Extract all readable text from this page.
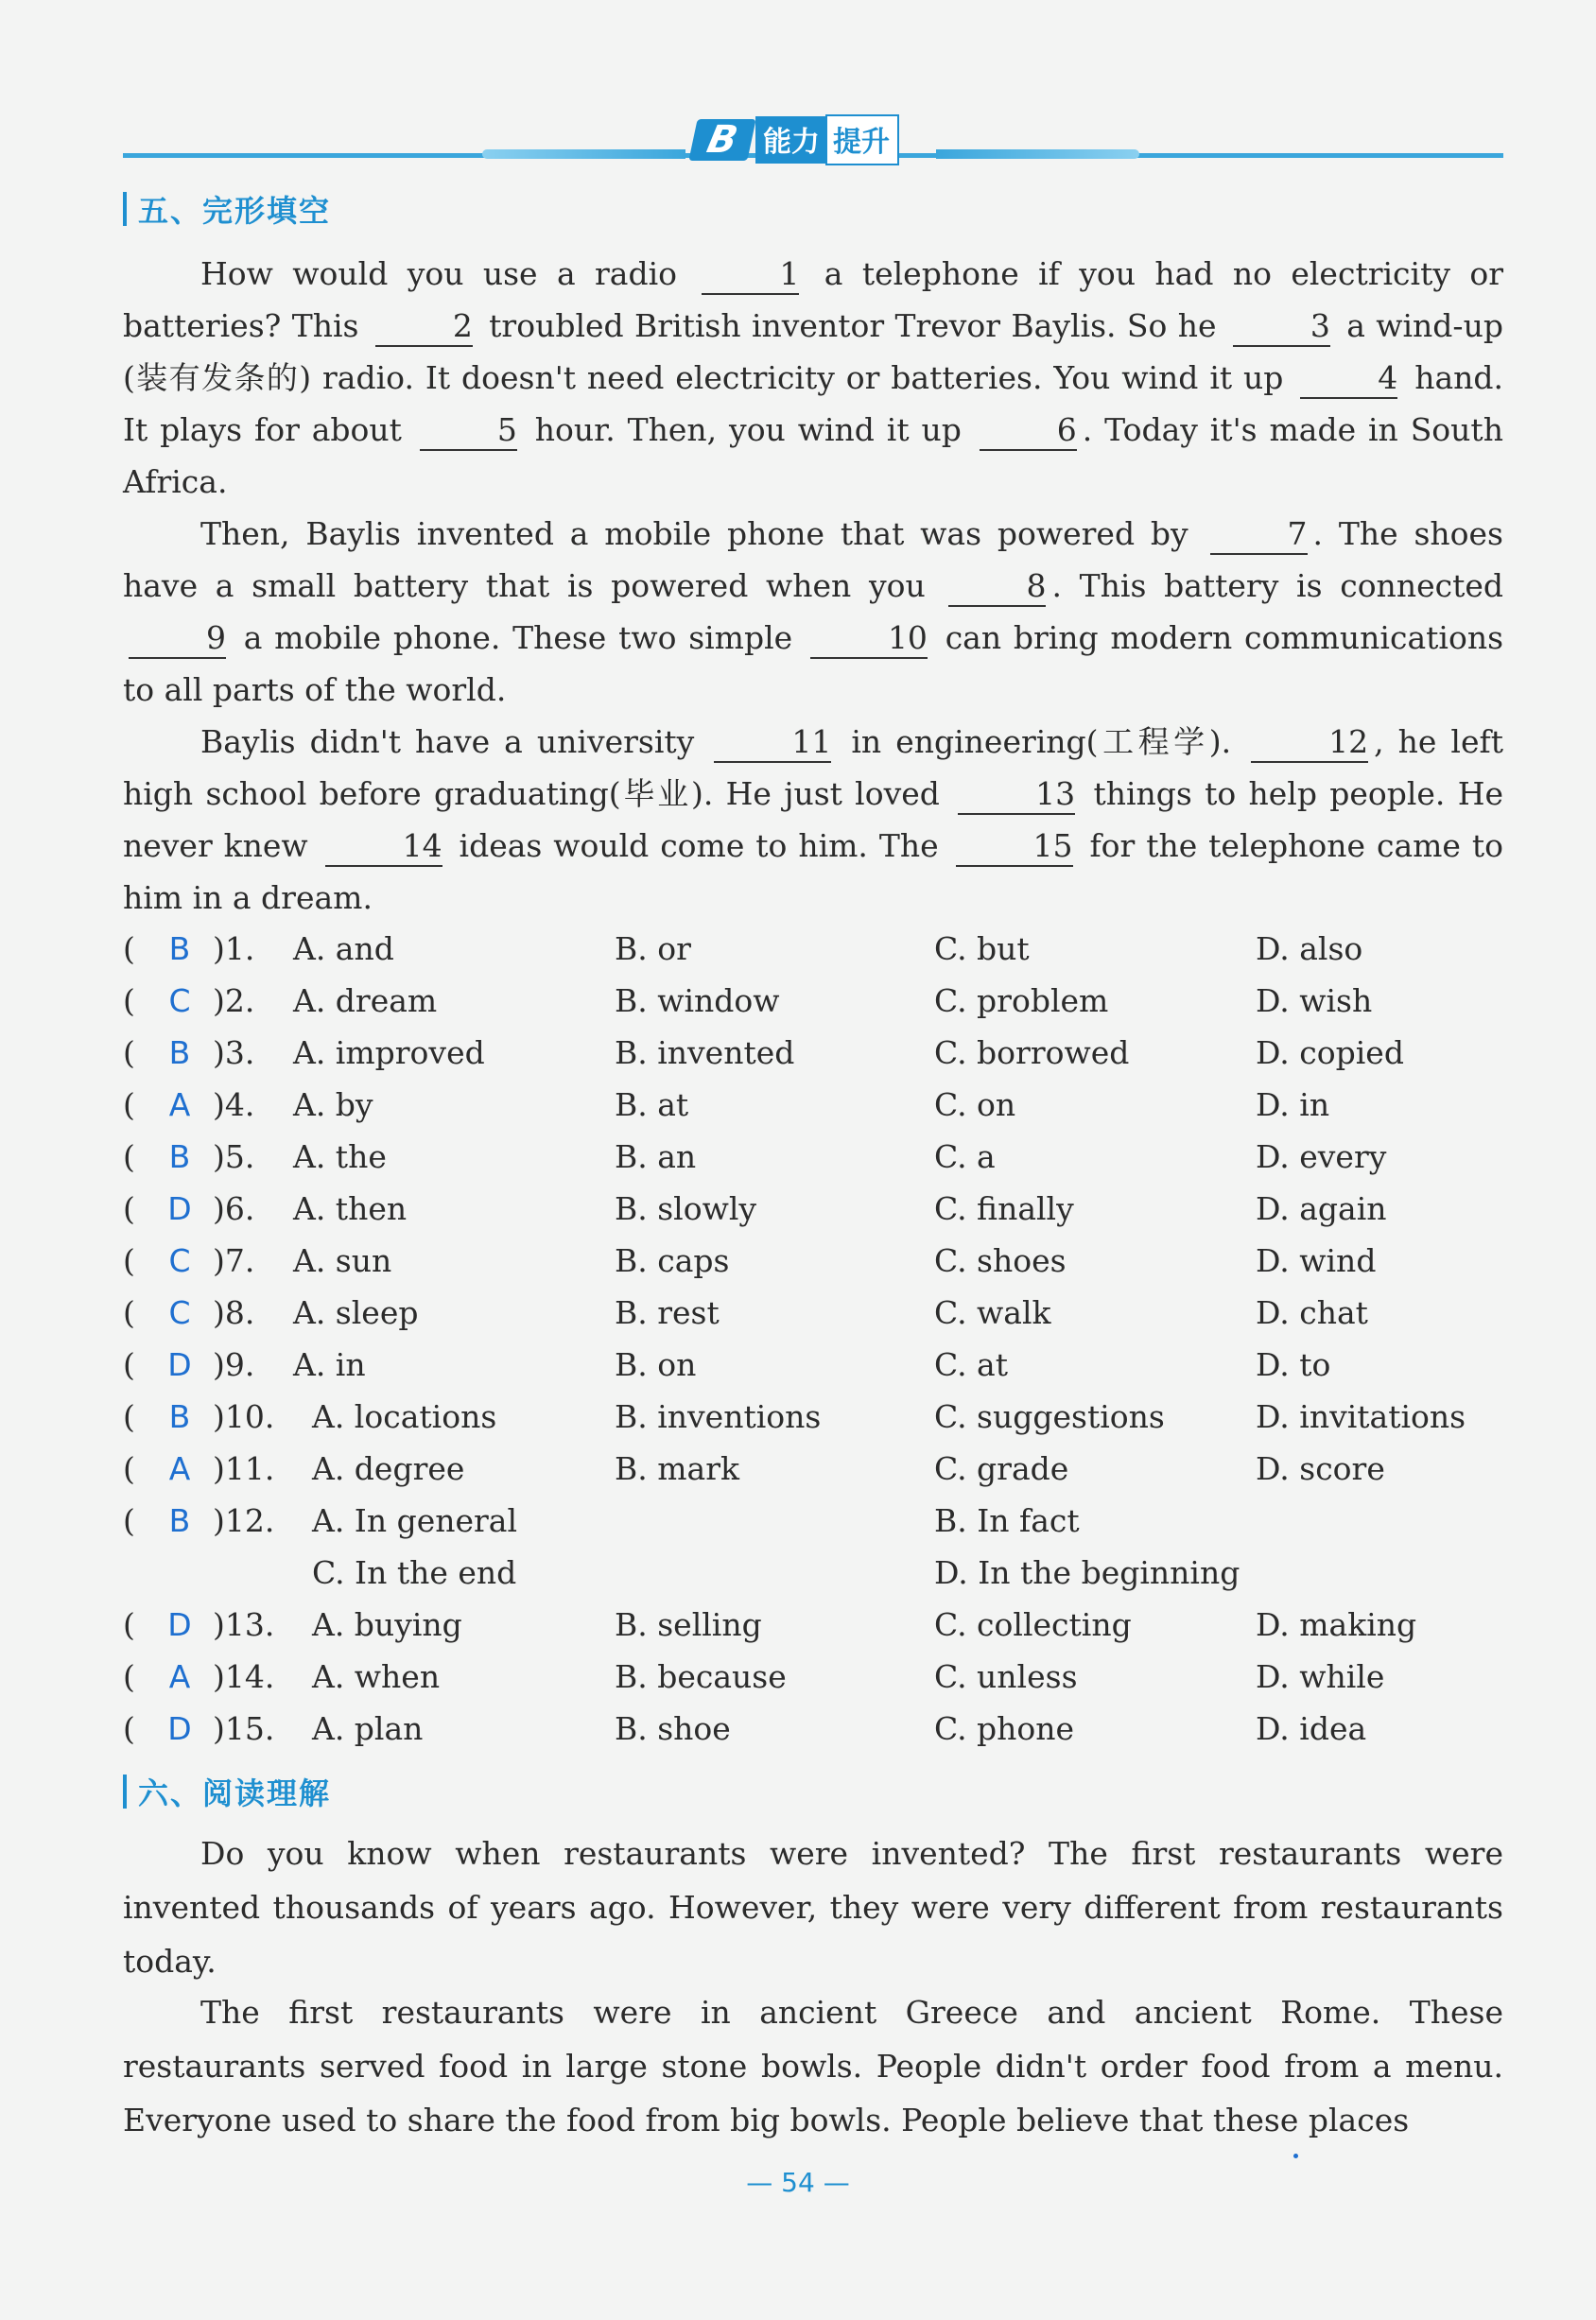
B 能力 提升
五、完形填空
How would you use a radio	1 a telephone if you had no electricity or batteries? This	2 troubled British inventor Trevor Baylis. So he	3 a wind-up (装有发条的) radio. It doesn't need electricity or batteries. You wind it up	4 hand. It plays for about	5 hour. Then, you wind it up	6 . Today it's made in South Africa.
Then, Baylis invented a mobile phone that was powered by	7 . The shoes have a small battery that is powered when you	8 . This battery is connected 9 a mobile phone. These two simple	10 can bring modern communications to all parts of the world.
Baylis didn't have a university	11 in engineering(工程学).	12 , he left high school before graduating(毕业). He just loved	13 things to help people. He never knew	14 ideas would come to him. The	15 for the telephone came to him in a dream.
( B )1. A. and	B. or	C. but	D. also
( C )2. A. dream	B. window	C. problem	D. wish
( B )3. A. improved	B. invented	C. borrowed	D. copied
( A )4. A. by	B. at	C. on	D. in
( B )5. A. the	B. an	C. a	D. every
( D )6. A. then	B. slowly	C. finally	D. again
( C )7. A. sun	B. caps	C. shoes	D. wind
( C )8. A. sleep	B. rest	C. walk	D. chat
( D )9. A. in	B. on	C. at	D. to
( B )10. A. locations	B. inventions	C. suggestions	D. invitations
( A )11. A. degree	B. mark	C. grade	D. score
( B )12. A. In general	B. In fact
C. In the end	D. In the beginning
( D )13. A. buying	B. selling	C. collecting	D. making
( A )14. A. when	B. because	C. unless	D. while
( D )15. A. plan	B. shoe	C. phone	D. idea
六、阅读理解
Do you know when restaurants were invented? The first restaurants were invented thousands of years ago. However, they were very different from restaurants today.
The first restaurants were in ancient Greece and ancient Rome. These restaurants served food in large stone bowls. People didn't order food from a menu. Everyone used to share the food from big bowls. People believe that these places
— 54 —
